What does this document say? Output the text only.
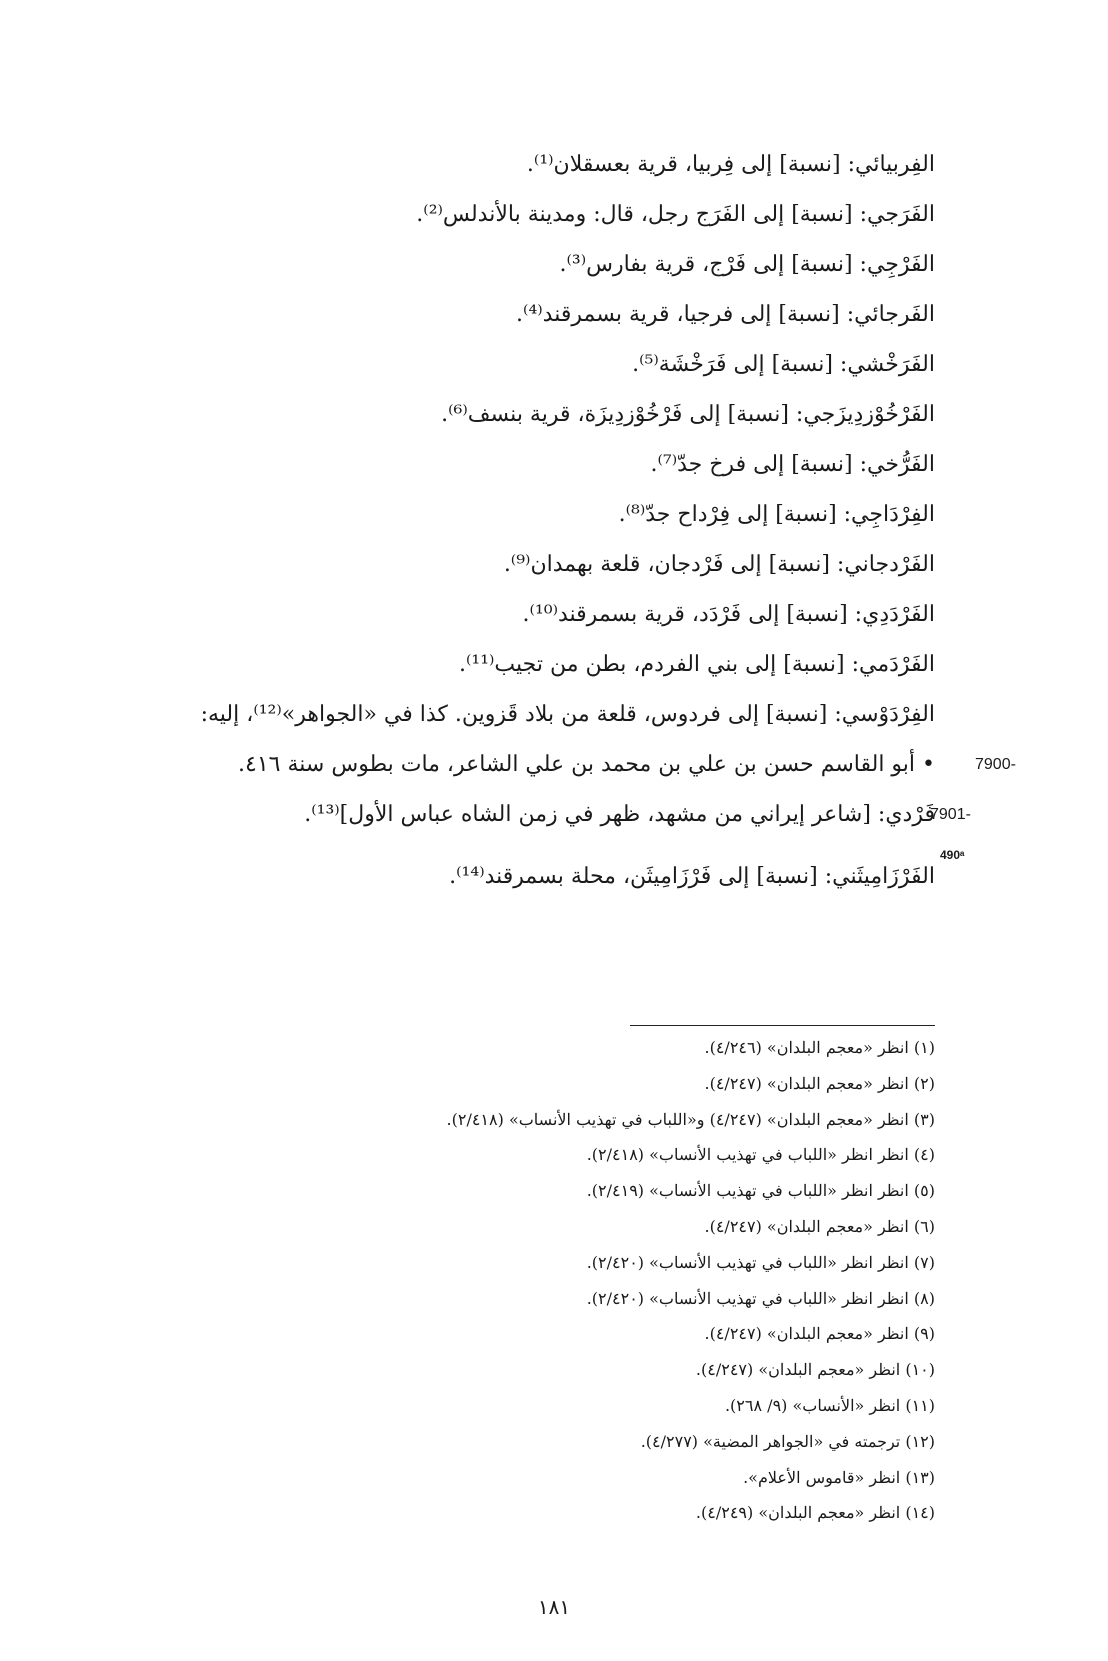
الفِربيائي: [نسبة] إلى فِربيا، قرية بعسقلان⁽¹⁾.
الفَرَجي: [نسبة] إلى الفَرَج رجل، قال: ومدينة بالأندلس⁽²⁾.
الفَرْجِي: [نسبة] إلى فَرْج، قرية بفارس⁽³⁾.
الفَرجائي: [نسبة] إلى فرجيا، قرية بسمرقند⁽⁴⁾.
الفَرَخْشي: [نسبة] إلى فَرَخْشَة⁽⁵⁾.
الفَرْخُوْزدِيزَجي: [نسبة] إلى فَرْخُوْزدِيزَة، قرية بنسف⁽⁶⁾.
الفَرُّخي: [نسبة] إلى فرخ جدّ⁽⁷⁾.
الفِرْدَاجِي: [نسبة] إلى فِرْداح جدّ⁽⁸⁾.
الفَرْدجاني: [نسبة] إلى فَرْدجان، قلعة بهمدان⁽⁹⁾.
الفَرْدَدِي: [نسبة] إلى فَرْدَد، قرية بسمرقند⁽¹⁰⁾.
الفَرْدَمي: [نسبة] إلى بني الفردم، بطن من تجيب⁽¹¹⁾.
الفِرْدَوْسي: [نسبة] إلى فردوس، قلعة من بلاد قَزوين. كذا في «الجواهر»⁽¹²⁾، إليه:
• أبو القاسم حسن بن علي بن محمد بن علي الشاعر، مات بطوس سنة ٤١٦.	7900-
فَرْدي: [شاعر إيراني من مشهد، ظهر في زمن الشاه عباس الأول]⁽¹³⁾.
7901-
الفَرْزَامِيثَني: [نسبة] إلى فَرْزَامِيثَن، محلة بسمرقند⁽¹⁴⁾.
490ᵃ
(١) انظر «معجم البلدان» (٤/٢٤٦).
(٢) انظر «معجم البلدان» (٤/٢٤٧).
(٣) انظر «معجم البلدان» (٤/٢٤٧) و«اللباب في تهذيب الأنساب» (٢/٤١٨).
(٤) انظر انظر «اللباب في تهذيب الأنساب» (٢/٤١٨).
(٥) انظر انظر «اللباب في تهذيب الأنساب» (٢/٤١٩).
(٦) انظر «معجم البلدان» (٤/٢٤٧).
(٧) انظر انظر «اللباب في تهذيب الأنساب» (٢/٤٢٠).
(٨) انظر انظر «اللباب في تهذيب الأنساب» (٢/٤٢٠).
(٩) انظر «معجم البلدان» (٤/٢٤٧).
(١٠) انظر «معجم البلدان» (٤/٢٤٧).
(١١) انظر «الأنساب» (٩/ ٢٦٨).
(١٢) ترجمته في «الجواهر المضية» (٤/٢٧٧).
(١٣) انظر «قاموس الأعلام».
(١٤) انظر «معجم البلدان» (٤/٢٤٩).
١٨١
